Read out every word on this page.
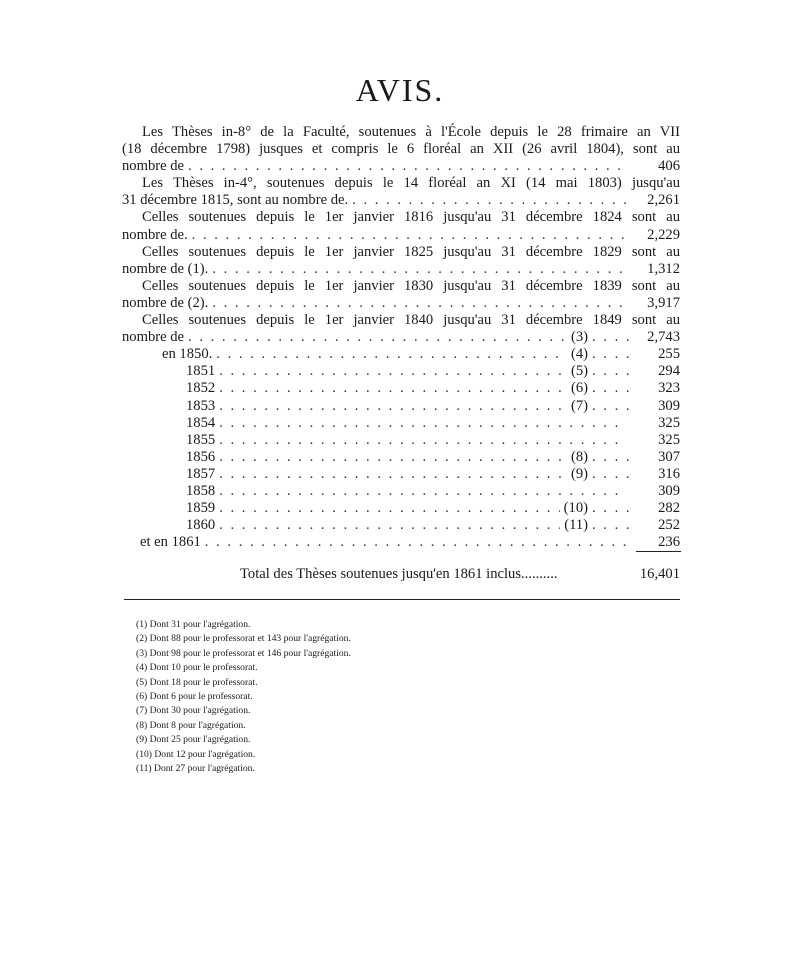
AVIS.
Les Thèses in-8° de la Faculté, soutenues à l'École depuis le 28 frimaire an VII
(18 décembre 1798) jusques et compris le 6 floréal an XII (26 avril 1804), sont au
nombre de . . .	406
Les Thèses in-4°, soutenues depuis le 14 floréal an XI (14 mai 1803) jusqu'au
31 décembre 1815, sont au nombre de. . . .	2,261
Celles soutenues depuis le 1er janvier 1816 jusqu'au 31 décembre 1824 sont au
nombre de. . . .	2,229
Celles soutenues depuis le 1er janvier 1825 jusqu'au 31 décembre 1829 sont au
nombre de (1). . . .	1,312
Celles soutenues depuis le 1er janvier 1830 jusqu'au 31 décembre 1839 sont au
nombre de (2). . . .	3,917
Celles soutenues depuis le 1er janvier 1840 jusqu'au 31 décembre 1849 sont au
nombre de . . .	(3) . . .	2,743
en 1850. . . .	(4) . . .	255
1851 . . .	(5) . . .	294
1852 . . .	(6) . . .	323
1853 . . .	(7) . . .	309
1854 . . .	325
1855 . . .	325
1856 . . .	(8) . . .	307
1857 . . .	(9) . . .	316
1858 . . .	309
1859 . . .	(10) . . .	282
1860 . . .	(11) . . .	252
et en 1861 . . .	236
Total des Thèses soutenues jusqu'en 1861 inclus..........	16,401
(1) Dont 31 pour l'agrégation.
(2) Dont 88 pour le professorat et 143 pour l'agrégation.
(3) Dont 98 pour le professorat et 146 pour l'agrégation.
(4) Dont 10 pour le professorat.
(5) Dont 18 pour le professorat.
(6) Dont 6 pour le professorat.
(7) Dont 30 pour l'agrégation.
(8) Dont 8 pour l'agrégation.
(9) Dont 25 pour l'agrégation.
(10) Dont 12 pour l'agrégation.
(11) Dont 27 pour l'agrégation.
